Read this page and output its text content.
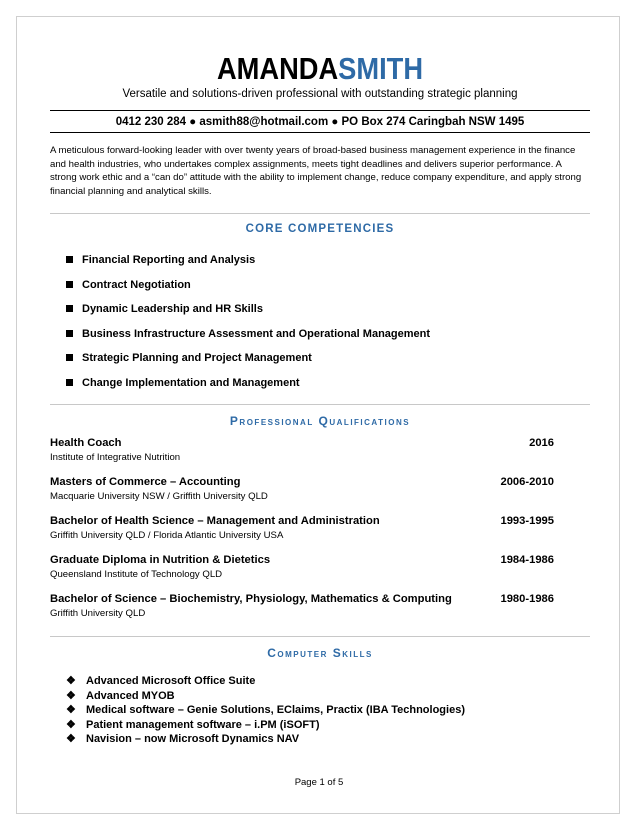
AMANDASMITH
Versatile and solutions-driven professional with outstanding strategic planning
0412 230 284 ● asmith88@hotmail.com ● PO Box 274 Caringbah NSW 1495
A meticulous forward-looking leader with over twenty years of broad-based business management experience in the finance and health industries, who undertakes complex assignments, meets tight deadlines and delivers superior performance. A strong work ethic and a “can do” attitude with the ability to implement change, reduce company expenditure, and apply strong financial planning and analytical skills.
CORE COMPETENCIES
Financial Reporting and Analysis
Contract Negotiation
Dynamic Leadership and HR Skills
Business Infrastructure Assessment and Operational Management
Strategic Planning and Project Management
Change Implementation and Management
Professional Qualifications
Health Coach	2016
Institute of Integrative Nutrition
Masters of Commerce – Accounting	2006-2010
Macquarie University NSW / Griffith University QLD
Bachelor of Health Science – Management and Administration	1993-1995
Griffith University QLD / Florida Atlantic University USA
Graduate Diploma in Nutrition & Dietetics	1984-1986
Queensland Institute of Technology QLD
Bachelor of Science – Biochemistry, Physiology, Mathematics & Computing	1980-1986
Griffith University QLD
Computer Skills
❖ Advanced Microsoft Office Suite
❖ Advanced MYOB
❖ Medical software – Genie Solutions, EClaims, Practix (IBA Technologies)
❖ Patient management software – i.PM (iSOFT)
❖ Navision – now Microsoft Dynamics NAV
Page 1 of 5
